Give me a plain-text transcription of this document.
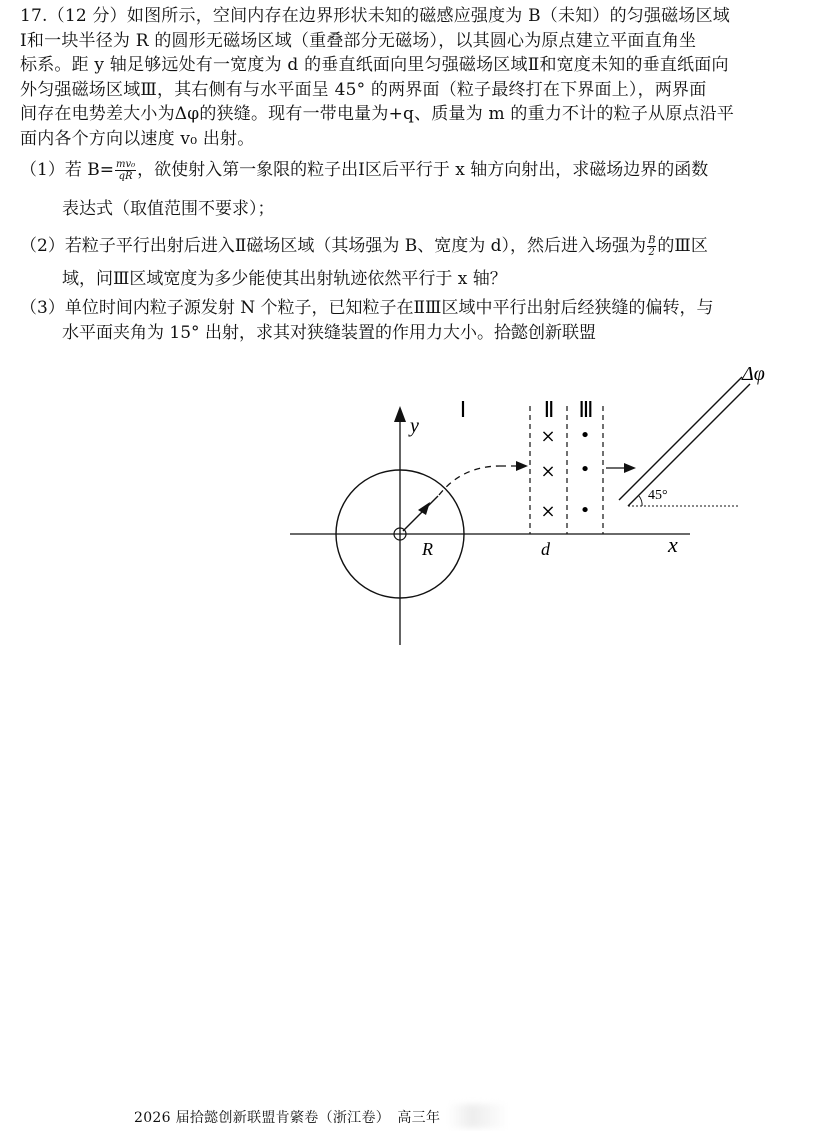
17.（12 分）如图所示，空间内存在边界形状未知的磁感应强度为 B（未知）的匀强磁场区域
Ⅰ和一块半径为 R 的圆形无磁场区域（重叠部分无磁场），以其圆心为原点建立平面直角坐
标系。距 y 轴足够远处有一宽度为 d 的垂直纸面向里匀强磁场区域Ⅱ和宽度未知的垂直纸面向
外匀强磁场区域Ⅲ，其右侧有与水平面呈 45° 的两界面（粒子最终打在下界面上），两界面
间存在电势差大小为Δφ的狭缝。现有一带电量为+q、质量为 m 的重力不计的粒子从原点沿平
面内各个方向以速度 v₀ 出射。
（1）若 $B= \frac{\text{mv₀}}{qR}$ ，欲使射入第一象限的粒子出Ⅰ区后平行于 x 轴方向射出，求磁场边界的函数
表达式（取值范围不要求）；
（2）若粒子平行出射后进入Ⅱ磁场区域（其场强为 B、宽度为 d），然后进入场强为 $\frac{B}{2}$ 的Ⅲ区
域，问Ⅲ区域宽度为多少能使其出射轨迹依然平行于 x 轴？
（3）单位时间内粒子源发射 N 个粒子，已知粒子在ⅡⅢ区域中平行出射后经狭缝的偏转，与
水平面夹角为 15° 出射，求其对狭缝装置的作用力大小。拾懿创新联盟
×
×
×
•
•
•
Ⅰ	Ⅱ Ⅲ
y
x
R	d
45°
Δφ
2026 届拾懿创新联盟肯綮卷（浙江卷）　高三年
